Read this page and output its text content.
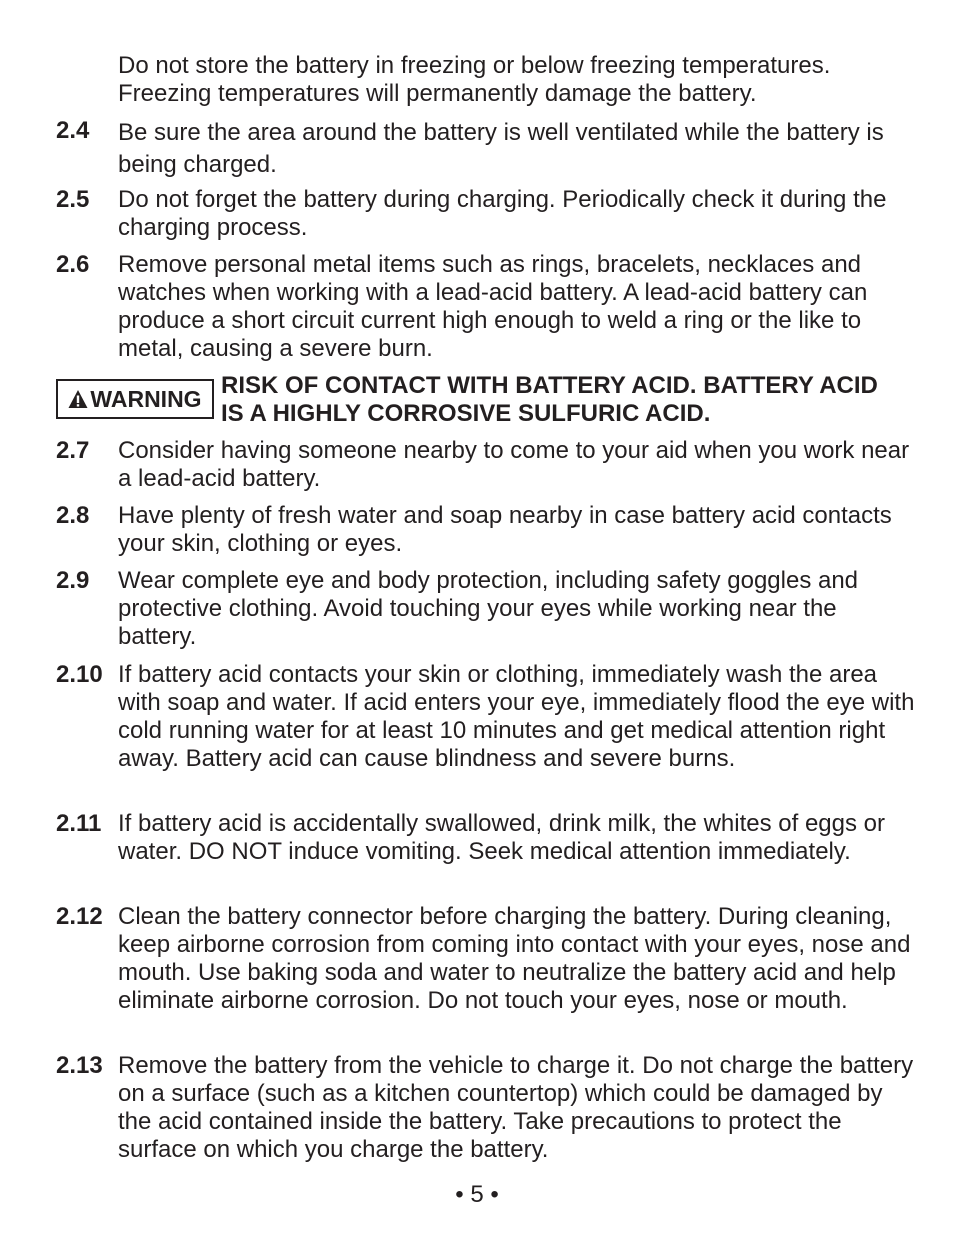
Do not store the battery in freezing or below freezing temperatures. Freezing temperatures will permanently damage the battery.

2.4	Be sure the area around the battery is well ventilated while the battery is being charged.
2.5	Do not forget the battery during charging. Periodically check it during the charging process.
2.6	Remove personal metal items such as rings, bracelets, necklaces and watches when working with a lead-acid battery. A lead-acid battery can produce a short circuit current high enough to weld a ring or the like to metal, causing a severe burn.
WARNING RISK OF CONTACT WITH BATTERY ACID. BATTERY ACID IS A HIGHLY CORROSIVE SULFURIC ACID.
2.7	Consider having someone nearby to come to your aid when you work near a lead-acid battery.
2.8	Have plenty of fresh water and soap nearby in case battery acid contacts your skin, clothing or eyes.
2.9	Wear complete eye and body protection, including safety goggles and protective clothing. Avoid touching your eyes while working near the battery.
2.10 If battery acid contacts your skin or clothing, immediately wash the area with soap and water. If acid enters your eye, immediately flood the eye with cold running water for at least 10 minutes and get medical attention right away. Battery acid can cause blindness and severe burns.
2.11 If battery acid is accidentally swallowed, drink milk, the whites of eggs or water. DO NOT induce vomiting. Seek medical attention immediately.
2.12 Clean the battery connector before charging the battery. During cleaning, keep airborne corrosion from coming into contact with your eyes, nose and mouth. Use baking soda and water to neutralize the battery acid and help eliminate airborne corrosion. Do not touch your eyes, nose or mouth.
2.13 Remove the battery from the vehicle to charge it. Do not charge the battery on a surface (such as a kitchen countertop) which could be damaged by the acid contained inside the battery. Take precautions to protect the surface on which you charge the battery.
• 5 •
